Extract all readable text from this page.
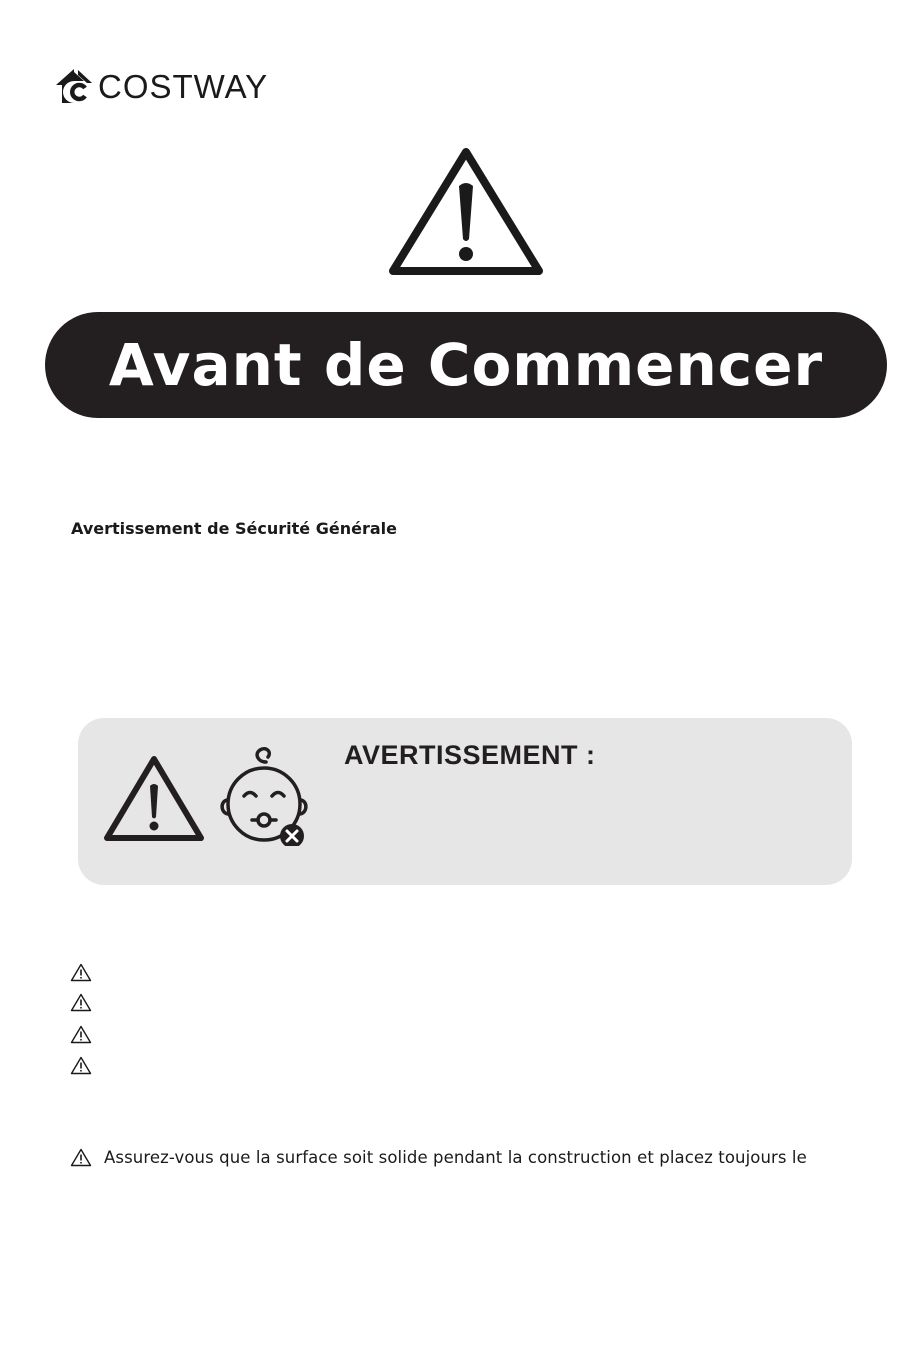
COSTWAY
Avant de Commencer
Avertissement de Sécurité Générale
AVERTISSEMENT :
Assurez-vous que la surface soit solide pendant la construction et placez toujours le
